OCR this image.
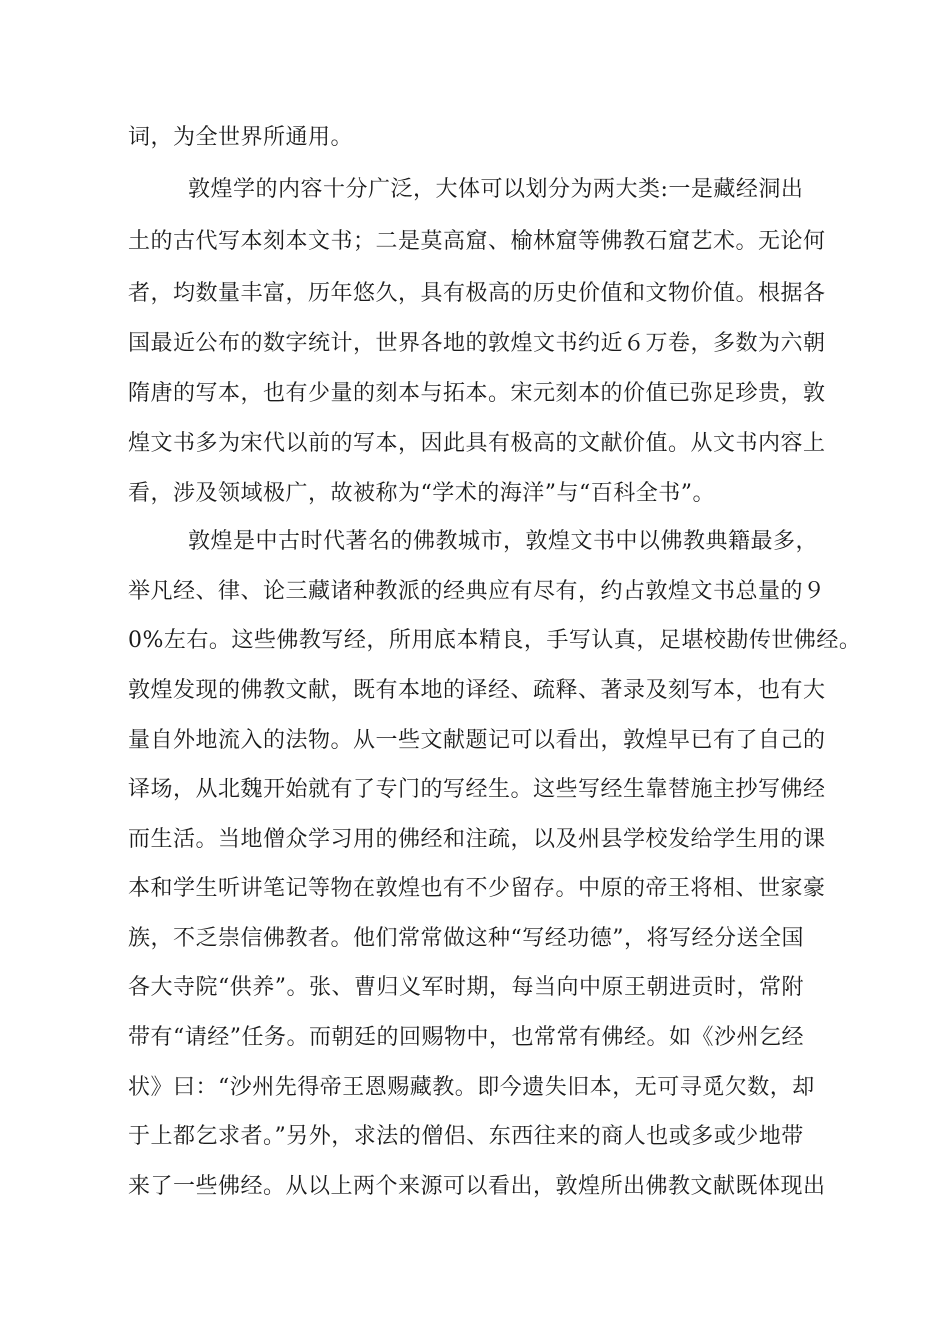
词，为全世界所通用。
敦煌学的内容十分广泛，大体可以划分为两大类:一是藏经洞出
土的古代写本刻本文书；二是莫高窟、榆林窟等佛教石窟艺术。无论何
者，均数量丰富，历年悠久，具有极高的历史价值和文物价值。根据各
国最近公布的数字统计，世界各地的敦煌文书约近６万卷，多数为六朝
隋唐的写本，也有少量的刻本与拓本。宋元刻本的价值已弥足珍贵，敦
煌文书多为宋代以前的写本，因此具有极高的文献价值。从文书内容上
看，涉及领域极广，故被称为“学术的海洋”与“百科全书”。
敦煌是中古时代著名的佛教城市，敦煌文书中以佛教典籍最多，
举凡经、律、论三藏诸种教派的经典应有尽有，约占敦煌文书总量的９
0%左右。这些佛教写经，所用底本精良，手写认真，足堪校勘传世佛经。
敦煌发现的佛教文献，既有本地的译经、疏释、著录及刻写本，也有大
量自外地流入的法物。从一些文献题记可以看出，敦煌早已有了自己的
译场，从北魏开始就有了专门的写经生。这些写经生靠替施主抄写佛经
而生活。当地僧众学习用的佛经和注疏，以及州县学校发给学生用的课
本和学生听讲笔记等物在敦煌也有不少留存。中原的帝王将相、世家豪
族，不乏崇信佛教者。他们常常做这种“写经功德”，将写经分送全国
各大寺院“供养”。张、曹归义军时期，每当向中原王朝进贡时，常附
带有“请经”任务。而朝廷的回赐物中，也常常有佛经。如《沙州乞经
状》曰：“沙州先得帝王恩赐藏教。即今遗失旧本，无可寻觅欠数，却
于上都乞求者。”另外，求法的僧侣、东西往来的商人也或多或少地带
来了一些佛经。从以上两个来源可以看出，敦煌所出佛教文献既体现出
